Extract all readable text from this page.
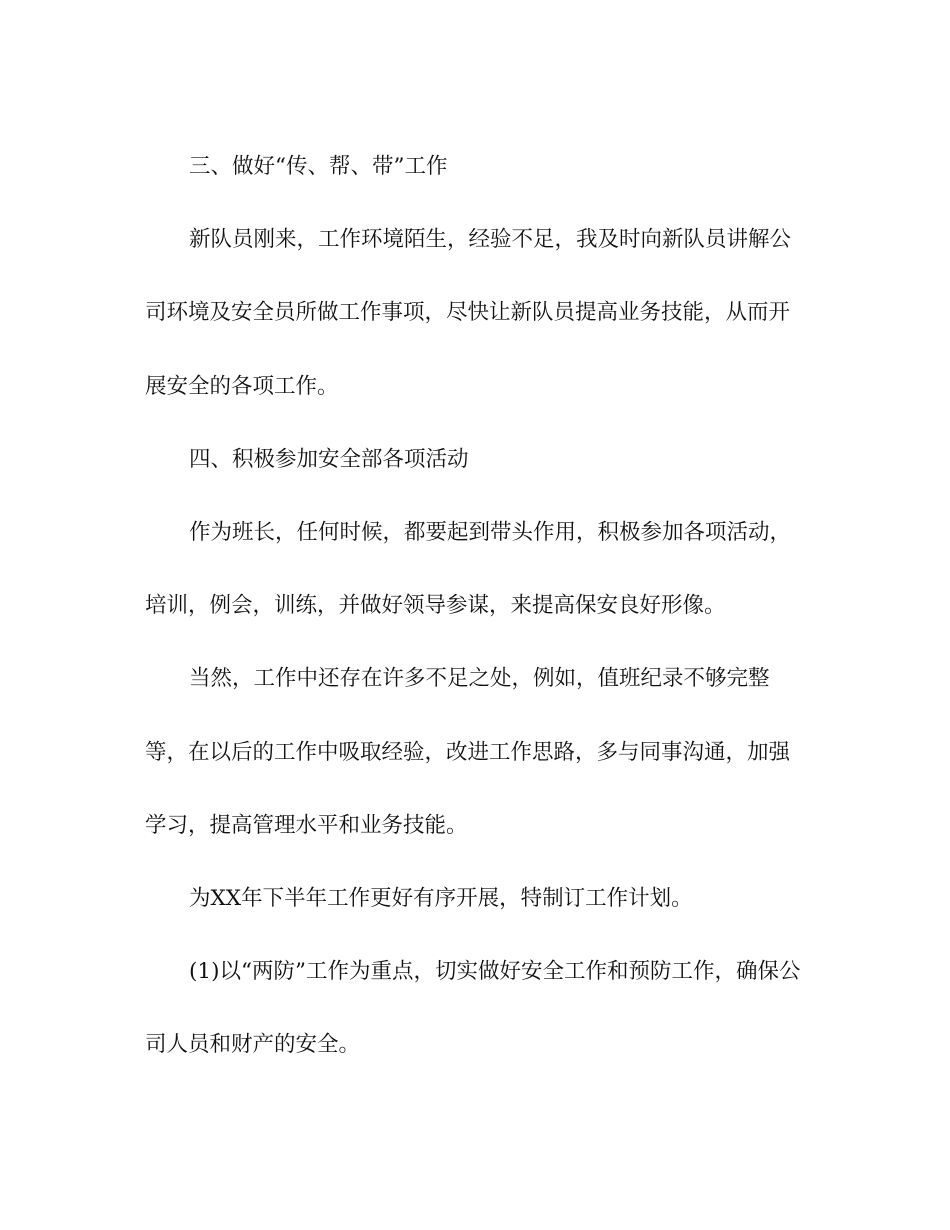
三、做好“传、帮、带”工作
新队员刚来，工作环境陌生，经验不足，我及时向新队员讲解公
司环境及安全员所做工作事项，尽快让新队员提高业务技能，从而开
展安全的各项工作。
四、积极参加安全部各项活动
作为班长，任何时候，都要起到带头作用，积极参加各项活动，
培训，例会，训练，并做好领导参谋，来提高保安良好形像。
当然，工作中还存在许多不足之处，例如，值班纪录不够完整
等，在以后的工作中吸取经验，改进工作思路，多与同事沟通，加强
学习，提高管理水平和业务技能。
为XX年下半年工作更好有序开展，特制订工作计划。
(1)以“两防”工作为重点，切实做好安全工作和预防工作，确保公
司人员和财产的安全。
